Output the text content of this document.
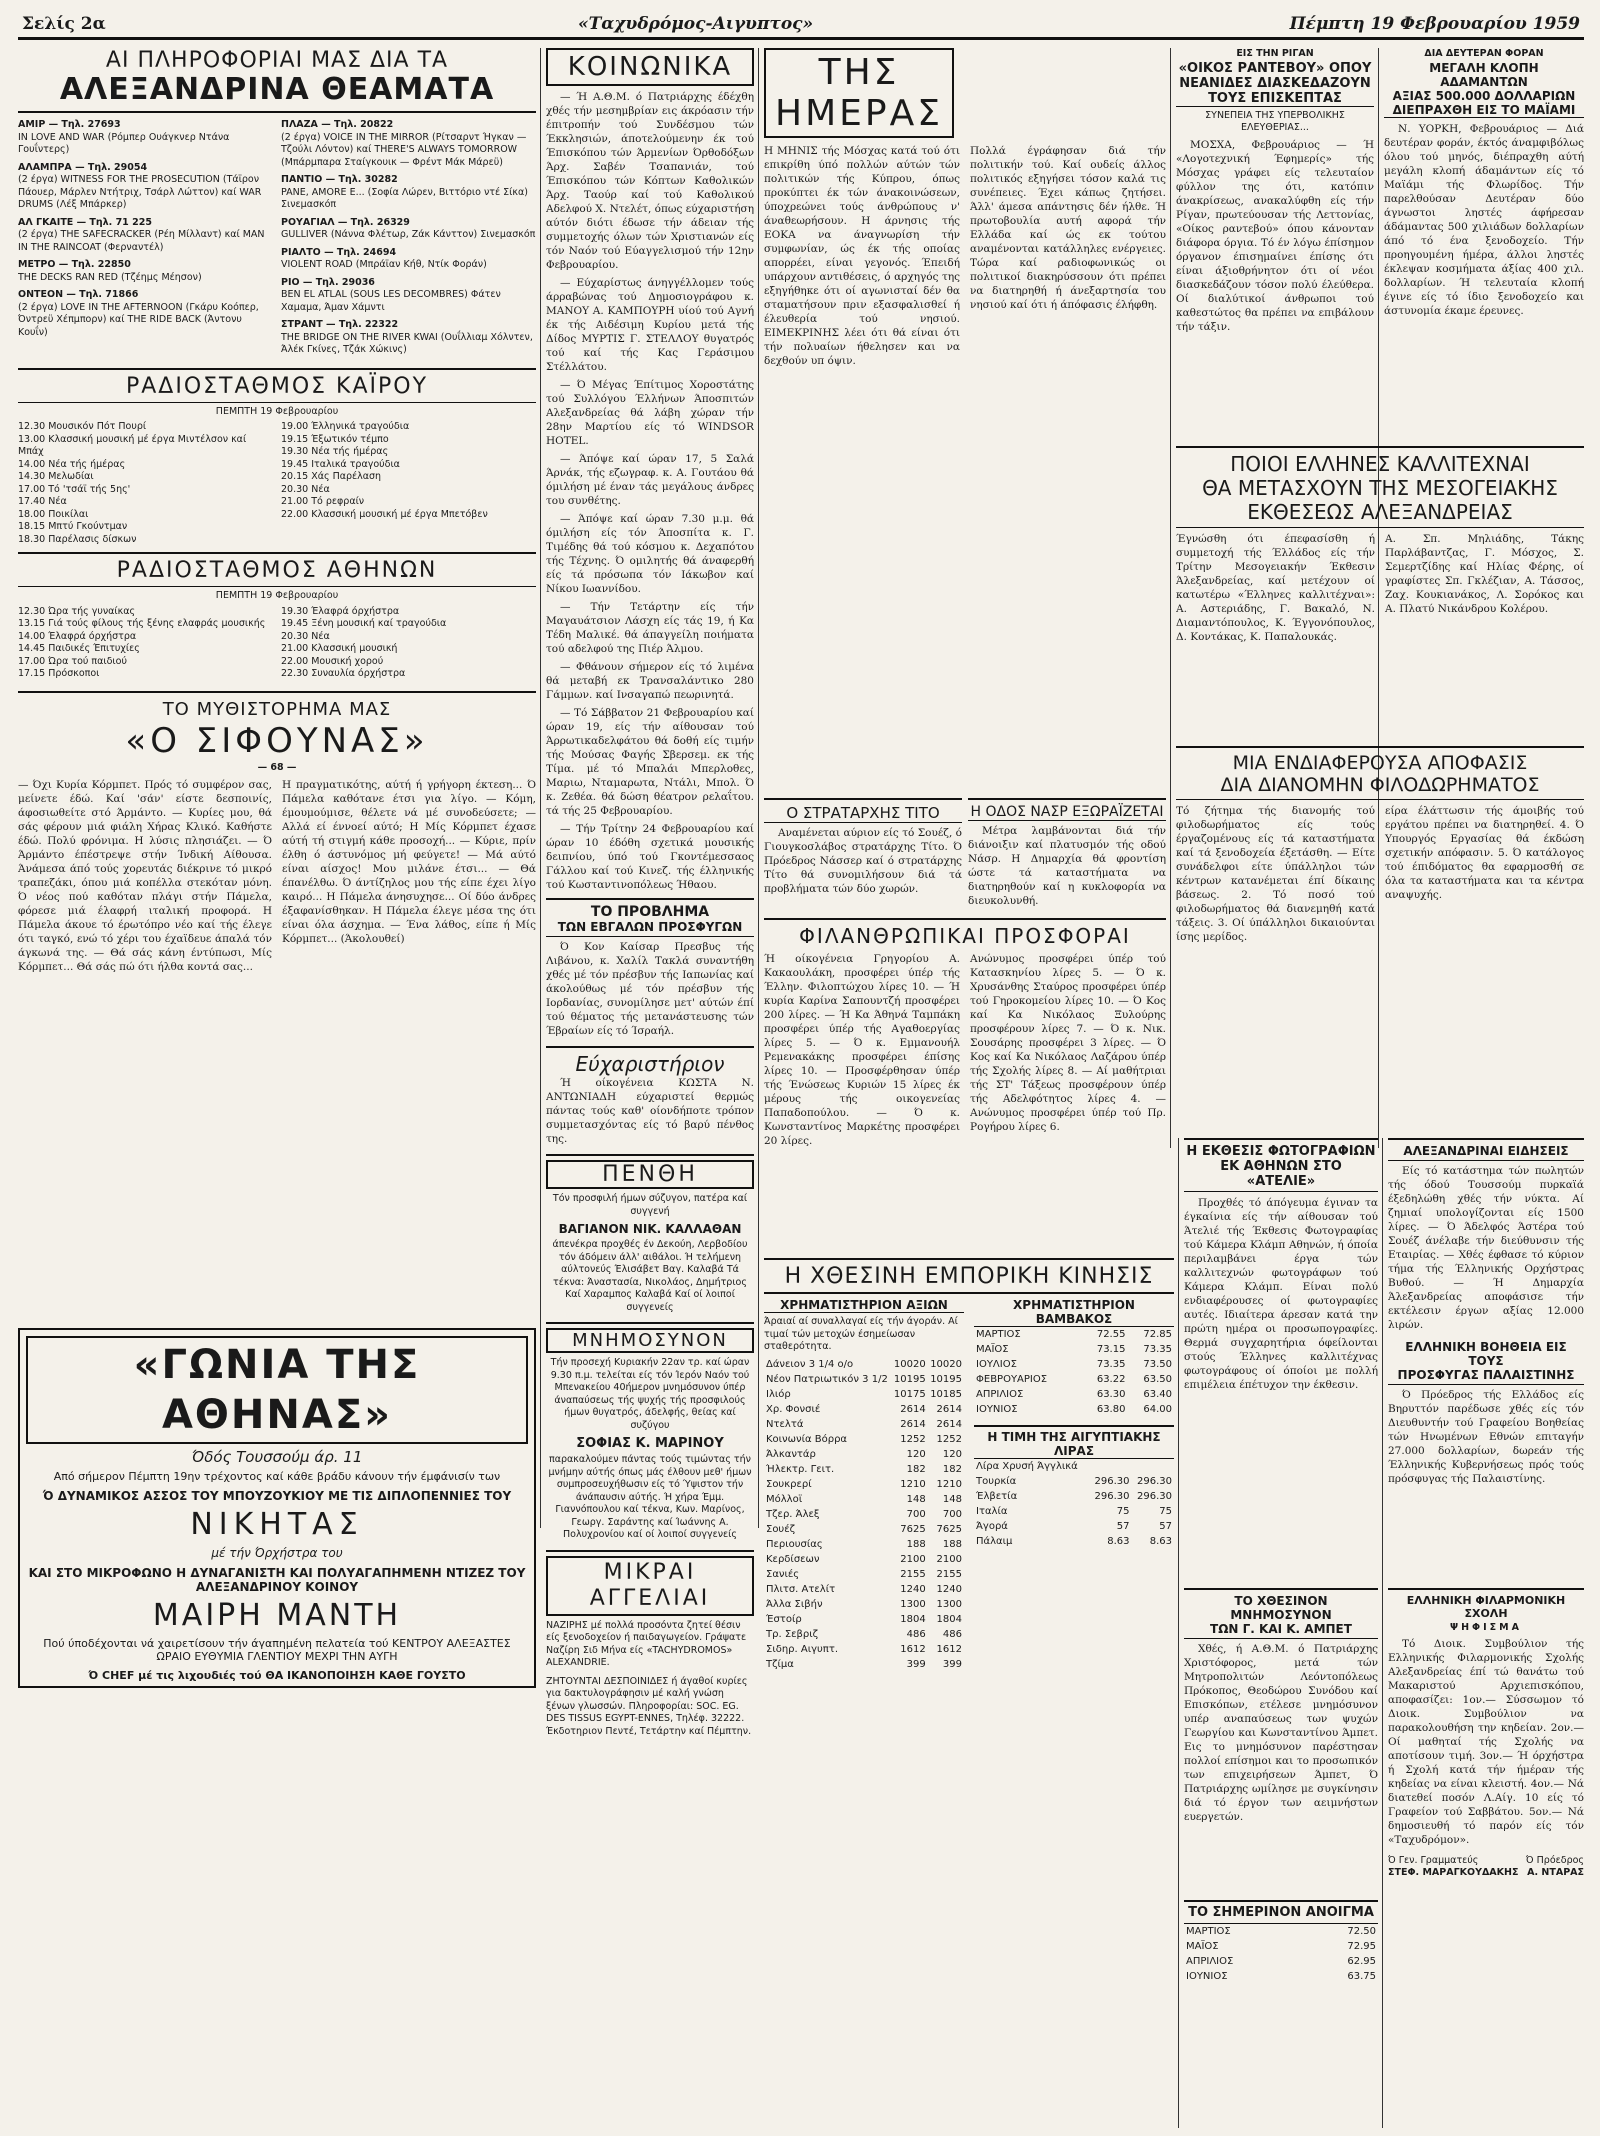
Σελίς 2α	«Ταχυδρόμος-Αιγυπτος»	Πέμπτη 19 Φεβρουαρίου 1959
ΑΙ ΠΛΗΡΟΦΟΡΙΑΙ ΜΑΣ ΔΙΑ ΤΑ
ΑΛΕΞΑΝΔΡΙΝΑ ΘΕΑΜΑΤΑ
ΑΜΙΡ — Τηλ. 27693
IN LOVE AND WAR (Ρόμπερ Ουάγκνερ Ντάνα Γουΐντερς)
ΑΛΑΜΠΡΑ — Τηλ. 29054
(2 έργα) WITNESS FOR THE PROSECUTION (Τάϊρον Πάουερ, Μάρλεν Ντήτριχ, Τσάρλ Λώττον) καί WAR DRUMS (Λέξ Μπάρκερ)
ΑΛ ΓΚΑΙΤΕ — Τηλ. 71 225
(2 έργα) THE SAFECRACKER (Ρέη Μίλλαντ) καί MAN IN THE RAINCOAT (Φερναντέλ)
ΜΕΤΡΟ — Τηλ. 22850
THE DECKS RAN RED (Τζέημς Μέησον)
ΟΝΤΕΟΝ — Τηλ. 71866
(2 έργα) LOVE IN THE AFTERNOON (Γκάρυ Κοόπερ, Όντρεϋ Χέπμπορν) καί THE RIDE BACK (Άντονυ Κουΐν)
ΠΛΑΖΑ — Τηλ. 20822
(2 έργα) VOICE IN THE MIRROR (Ρίτσαρντ Ήγκαν — Τζούλι Λόντον) καί THERE'S ALWAYS TOMORROW (Μπάρμπαρα Σταίγκουικ — Φρέντ Μάκ Μάρεϋ)
ΠΑΝΤΙΟ — Τηλ. 30282
PANE, AMORE E... (Σοφία Λώρεν, Βιττόριο ντέ Σίκα) Σινεμασκόπ
ΡΟΥΑΓΙΑΛ — Τηλ. 26329
GULLIVER (Νάννα Φλέτωρ, Ζάκ Κάνττον) Σινεμασκόπ
ΡΙΑΛΤΟ — Τηλ. 24694
VIOLENT ROAD (Μπράϊαν Κήθ, Ντίκ Φοράν)
ΡΙΟ — Τηλ. 29036
BEN EL ATLAL (SOUS LES DECOMBRES) Φάτεν Χαμαμα, Άμαν Χάμντι
ΣΤΡΑΝΤ — Τηλ. 22322
THE BRIDGE ON THE RIVER KWAI (Ουΐλλιαμ Χόλντεν, Άλέκ Γκίνες, Τζάκ Χώκινς)
ΡΑΔΙΟΣΤΑΘΜΟΣ ΚΑΪΡΟΥ
ΠΕΜΠΤΗ 19 Φεβρουαρίου
12.30 Μουσικόν Πότ Πουρί
13.00 Κλασσική μουσική μέ έργα Μιντέλσον καί Μπάχ
14.00 Νέα τής ήμέρας
14.30 Μελωδίαι
17.00 Τό 'τσάϊ τής 5ης'
17.40 Νέα
18.00 Ποικίλαι
18.15 Μπτύ Γκούντμαν
18.30 Παρέλασις δίσκων
19.00 Έλληνικά τραγούδια
19.15 Έξωτικόν τέμπο
19.30 Νέα τής ήμέρας
19.45 Ιταλικά τραγούδια
20.15 Χάς Παρέλαση
20.30 Νέα
21.00 Τό ρεφραίν
22.00 Κλασσική μουσική μέ έργα Μπετόβεν
ΡΑΔΙΟΣΤΑΘΜΟΣ ΑΘΗΝΩΝ
ΠΕΜΠΤΗ 19 Φεβρουαρίου
12.30 Ώρα τής γυναίκας
13.15 Γιά τούς φίλους τής ξένης ελαφράς μουσικής
14.00 Έλαφρά όρχήστρα
14.45 Παιδικές Έπιτυχίες
17.00 Ώρα τού παιδιού
17.15 Πρόσκοποι
19.30 Έλαφρά όρχήστρα
19.45 Ξένη μουσική καί τραγούδια
20.30 Νέα
21.00 Κλασσική μουσική
22.00 Μουσική χορού
22.30 Συναυλία όρχήστρα
ΤΟ ΜΥΘΙΣΤΟΡΗΜΑ ΜΑΣ
«Ο ΣΙΦΟΥΝΑΣ»
— 68 —
— Όχι Κυρία Κόρμπετ. Πρός τό συμφέρον σας, μείνετε έδώ. Καί 'σάν' είστε δεσποινίς, άφοσιωθείτε στό Άρμάντο. — Κυρίες μου, θά σάς φέρουν μιά φιάλη Χήρας Κλικό. Καθήστε έδώ. Πολύ φρόνιμα. Η λύσις πλησιάζει. — Ό Άρμάντο έπέστρεψε στήν Ίνδική Αίθουσα. Άνάμεσα άπό τούς χορευτάς διέκρινε τό μικρό τραπεζάκι, όπου μιά κοπέλλα στεκόταν μόνη. Ό νέος πού καθόταν πλάγι στήν Πάμελα, φόρεσε μιά έλαφρή ιταλική προφορά. Η Πάμελα άκουε τό έρωτόπρο νέο καί τής έλεγε ότι ταγκό, ενώ τό χέρι του έχαϊδευε άπαλά τόν άγκωνά της. — Θά σάς κάνη έντύπωσι, Μίς Κόρμπετ... Θά σάς πώ ότι ήλθα κοντά σας...
Η πραγματικότης, αύτή ή γρήγορη έκτεση... Ό Πάμελα καθότανε έτσι για λίγο. — Κόμη, έμουμούμισε, θέλετε νά μέ συνοδεύσετε; — Αλλά εί έννοεί αύτό; Η Μίς Κόρμπετ έχασε αύτή τή στιγμή κάθε προσοχή... — Κύριε, πρίν έλθη ό άστυνόμος μή φεύγετε! — Μά αύτό είναι αίσχος! Μου μιλάνε έτσι... — Θά έπανέλθω. Ό άντίζηλος μου τής είπε έχει λίγο καιρό... Η Πάμελα άνησυχησε... Οί δύο άνδρες έξαφανίσθηκαν. Η Πάμελα έλεγε μέσα της ότι είναι όλα άσχημα. — Ένα λάθος, είπε ή Μίς Κόρμπετ... (Άκολουθεί)
«ΓΩΝΙΑ ΤΗΣ ΑΘΗΝΑΣ»
Όδός Τουσσούμ άρ. 11
Από σήμερον Πέμπτη 19ην τρέχοντος καί κάθε βράδυ κάνουν τήν έμφάνισίν των
Ό ΔΥΝΑΜΙΚΟΣ ΑΣΣΟΣ ΤΟΥ ΜΠΟΥΖΟΥΚΙΟΥ ΜΕ ΤΙΣ ΔΙΠΛΟΠΕΝΝΙΕΣ ΤΟΥ
ΝΙΚΗΤΑΣ
μέ τήν Όρχήστρα του
ΚΑΙ ΣΤΟ ΜΙΚΡΟΦΩΝΟ Η ΔΥΝΑΓΑΝΙΣΤΗ ΚΑΙ ΠΟΛΥΑΓΑΠΗΜΕΝΗ ΝΤΙΖΕΖ ΤΟΥ ΑΛΕΞΑΝΔΡΙΝΟΥ ΚΟΙΝΟΥ
ΜΑΙΡΗ ΜΑΝΤΗ
Πού ύποδέχονται νά χαιρετίσουν τήν άγαπημένη πελατεία τού ΚΕΝΤΡΟΥ ΑΛΕΞΑΣΤΕΣ ΩΡΑΙΟ ΕΥΘΥΜΙΑ ΓΛΕΝΤΙΟΥ ΜΕΧΡΙ ΤΗΝ ΑΥΓΗ
Ό CHEF μέ τις λιχουδιές τού ΘΑ ΙΚΑΝΟΠΟΙΗΣΗ ΚΑΘΕ ΓΟΥΣΤΟ
ΚΟΙΝΩΝΙΚΑ
— Ή Α.Θ.Μ. ό Πατριάρχης έδέχθη χθές τήν μεσημβρίαν εις άκρόασιν τήν έπιτροπήν τού Συνδέσμου τών Έκκλησιών, άποτελούμενην έκ τού Έπισκόπου τών Άρμενίων Όρθοδόξων Άρχ. Σαβέν Τσαπανιάν, τού Έπισκόπου τών Κόπτων Καθολικών Άρχ. Ταούρ καί τού Καθολικού Αδελφού Χ. Ντελέτ, όπως εύχαριστήση αύτόν διότι έδωσε τήν άδειαν τής συμμετοχής όλων τών Χριστιανών είς τόν Ναόν τού Εύαγγελισμού τήν 12ην Φεβρουαρίου.
— Εύχαρίστως άνηγγέλλομεν τούς άρραβώνας τού Δημοσιογράφου κ. ΜΑΝΟΥ Α. ΚΑΜΠΟΥΡΗ υίού τού Αγνή έκ τής Αιδέσιμη Κυρίου μετά τής Δίδος ΜΥΡΤΙΣ Γ. ΣΤΕΛΛΟΥ θυγατρός τού καί τής Κας Γεράσιμου Στέλλάτου.
— Ό Μέγας Έπίτιμος Χοροστάτης τού Συλλόγου Έλλήνων Άποσπιτών Αλεξανδρείας θά λάβη χώραν τήν 28ην Μαρτίου είς τό WINDSOR HOTEL.
— Άπόψε καί ώραν 17, 5 Σαλά Άρνάκ, τής εζωγραφ. κ. Α. Γουτάου θά όμιλήση μέ έναν τάς μεγάλους άνδρες του συνθέτης.
— Άπόψε καί ώραν 7.30 μ.μ. θά όμιλήση είς τόν Άποσπίτα κ. Γ. Τιμέδης θά τού κόσμου κ. Δεχαπότου τής Τέχνης. Ό ομιλητής θά άναφερθή είς τά πρόσωπα τόν Ιάκωβον καί Νίκου Ιωαννίδου.
— Τήν Τετάρτην είς τήν Μαγαυάτσιον Λάσχη είς τάς 19, ή Κα Τέδη Μαλικέ. θά άπαγγείλη ποιήματα τού αδελφού της Πιέρ Άλμου.
— Φθάνουν σήμερον είς τό λιμένα θά μεταβή εκ Τρανσαλάντικο 280 Γάμμων. καί Ινσαγαπώ πεωρινητά.
— Τό Σάββατον 21 Φεβρουαρίου καί ώραν 19, είς τήν αίθουσαν τού Άρρωτικαδελφάτου θά δοθή είς τιμήν τής Μούσας Φαγής Σβερσεμ. εκ τής Τίμα. μέ τό Μπαλάι Μπερλοθες, Μαριω, Νταμαρωτα, Ντάλι, Μπολ. Ό κ. Ζεθέα. θά δώση θέατρον ρελαΐτου. τά τής 25 Φεβρουαρίου.
— Τήν Τρίτην 24 Φεβρουαρίου καί ώραν 10 έδόθη σχετικά μουσικής δειπνίου, ύπό τού Γκοντέμεσσαος Γάλλου καί τού Κινεζ. τής έλληνικής τού Κωσταντινοπόλεως Ήθαου.
ΤΟ ΠΡΟΒΛΗΜΑ
ΤΩΝ ΕΒΓΑΛΩΝ ΠΡΟΣΦΥΓΩΝ
Ό Κον Καίσαρ Πρεσβυς τής Λιβάνου, κ. Χαλίλ Τακλά συναντήθη χθές μέ τόν πρέσβυν τής Ιαπωνίας καί άκολούθως μέ τόν πρέσβυν τής Ιορδανίας, συνομίλησε μετ' αύτών έπί τού θέματος τής μετανάστευσης τών Έβραίων είς τό Ίσραήλ.
Εύχαριστήριον
Ή οίκογένεια ΚΩΣΤΑ Ν. ΑΝΤΩΝΙΑΔΗ εύχαριστεί θερμώς πάντας τούς καθ' οίονδήποτε τρόπον συμμετασχόντας είς τό βαρύ πένθος της.
ΠΕΝΘΗ
Τόν προσφιλή ήμων σύζυγον, πατέρα καί συγγενή
ΒΑΓΙΑΝΟΝ ΝΙΚ. ΚΑΛΛΑΘΑΝ
άπενέκρα προχθές έν Δεκούη, Λερβοδίου τόν άδόμειν άλλ' αιθάλοι. Ή τελήμενη αύλτονεύς Έλισάβετ Βαγ. Καλαβά Τά τέκνα: Άναστασία, Νικολάος, Δημήτριος Καί Χαραμπος Καλαβά Καί οί λοιποί συγγενείς
ΜΝΗΜΟΣΥΝΟΝ
Τήν προσεχή Κυριακήν 22αν τρ. καί ώραν 9.30 π.μ. τελείται είς τόν Ίερόν Ναόν τού Μπενακείου 40ήμερον μνημόσυνον ύπέρ άναπαύσεως τής ψυχής τής προσφιλούς ήμων θυγατρός, άδελφής, θείας καί συζύγου
ΣΟΦΙΑΣ Κ. ΜΑΡΙΝΟΥ
παρακαλούμεν πάντας τούς τιμώντας τήν μνήμην αύτής όπως μάς έλθουν μεθ' ήμων συμπροσευχήθωσιν είς τό Ύψιστον τήν άνάπαυσιν αύτής. Ή χήρα Έμμ. Γιαννόπουλου καί τέκνα, Κων. Μαρίνος, Γεωργ. Σαράντης καί Ίωάννης Α. Πολυχρονίου καί οί λοιποί συγγενείς
ΜΙΚΡΑΙ
ΑΓΓΕΛΙΑΙ
ΝΑΖΙΡΗΣ μέ πολλά προσόντα ζητεί θέσιν είς ξενοδοχείον ή παιδαγωγείον. Γράψατε Ναζίρη Σιδ Μήνα είς «TACHYDROMOS» ALEXANDRIE.
ΖΗΤΟΥΝΤΑΙ ΔΕΣΠΟΙΝΙΔΕΣ ή άγαθοί κυρίες για δακτυλογράφησιν μέ καλή γνώση ξένων γλωσσών. Πληροφορίαι: SOC. EG. DES TISSUS EGYPT-ENNES, Τηλέφ. 32222. Έκδοτηριον Πεντέ, Τετάρτην καί Πέμπτην.
ΤΗΣ ΗΜΕΡΑΣ
Η ΜΗΝΙΣ τής Μόσχας κατά τού ότι επικρίθη ύπό πολλών αύτών τών πολιτικών τής Κύπρου, όπως προκύπτει έκ τών άνακοινώσεων, ύποχρεώνει τούς άνθρώπους ν' άναθεωρήσουν. Η άρνησις τής ΕΟΚΑ να άναγνωρίση τήν συμφωνίαν, ώς έκ τής οποίας απορρέει, είναι γεγονός. Έπειδή υπάρχουν αντιθέσεις, ό αρχηγός της εξηγήθηκε ότι οί αγωνισταί δέν θα σταματήσουν πριν εξασφαλισθεί ή έλευθερία τού νησιού. ΕΙΜΕΚΡΙΝΗΣ λέει ότι θά είναι ότι τήν πολυαίων ήθελησεν και να δεχθούν υπ όψιν.
Πολλά έγράφησαν διά τήν πολιτικήν τού. Καί ουδείς άλλος πολιτικός εξηγήσει τόσον καλά τις συνέπειες. Έχει κάπως ζητήσει. Άλλ' άμεσα απάντησις δέν ήλθε. Ή πρωτοβουλία αυτή αφορά τήν Ελλάδα καί ώς εκ τούτου αναμένονται κατάλληλες ενέργειες. Τώρα καί ραδιοφωνικώς οι πολιτικοί διακηρύσσουν ότι πρέπει να διατηρηθή ή άνεξαρτησία του νησιού καί ότι ή άπόφασις έλήφθη.
Ο ΣΤΡΑΤΑΡΧΗΣ ΤΙΤΟ
Αναμένεται αύριον είς τό Σουέζ, ό Γιουγκοσλάβος στρατάρχης Τίτο. Ό Πρόεδρος Νάσσερ καί ό στρατάρχης Τίτο θά συνομιλήσουν διά τά προβλήματα τών δύο χωρών.
Η ΟΔΟΣ ΝΑΣΡ ΕΞΩΡΑΪΖΕΤΑΙ
Μέτρα λαμβάνονται διά τήν διάνοιξιν καί πλατυσμόν τής οδού Νάσρ. Η Δημαρχία θά φροντίση ώστε τά καταστήματα να διατηρηθούν καί η κυκλοφορία να διευκολυνθή.
ΦΙΛΑΝΘΡΩΠΙΚΑΙ ΠΡΟΣΦΟΡΑΙ
Ή οίκογένεια Γρηγορίου Α. Κακαουλάκη, προσφέρει ύπέρ τής Έλλην. Φιλοπτώχου λίρες 10. — Ή κυρία Καρίνα Σαπουντζή προσφέρει 200 λίρες. — Ή Κα Άθηνά Ταμπάκη προσφέρει ύπέρ τής Αγαθοεργίας λίρες 5. — Ό κ. Εμμανουήλ Ρεμενακάκης προσφέρει έπίσης λίρες 10. — Προσφέρθησαν ύπέρ τής Ένώσεως Κυριών 15 λίρες έκ μέρους τής οικογενείας Παπαδοπούλου. — Ό κ. Κωνσταντίνος Μαρκέτης προσφέρει 20 λίρες.
Ανώνυμος προσφέρει ύπέρ τού Κατασκηνίου λίρες 5. — Ό κ. Χρυσάνθης Σταύρος προσφέρει ύπέρ τού Γηροκομείου λίρες 10. — Ό Κος καί Κα Νικόλαος Ξυλούρης προσφέρουν λίρες 7. — Ό κ. Νικ. Σουσάρης προσφέρει 3 λίρες. — Ό Κος καί Κα Νικόλαος Λαζάρου ύπέρ τής Σχολής λίρες 8. — Αί μαθήτριαι τής ΣΤ' Τάξεως προσφέρουν ύπέρ τής Αδελφότητος λίρες 4. — Ανώνυμος προσφέρει ύπέρ τού Πρ. Ρογήρου λίρες 6.
Η ΧΘΕΣΙΝΗ ΕΜΠΟΡΙΚΗ ΚΙΝΗΣΙΣ
ΧΡΗΜΑΤΙΣΤΗΡΙΟΝ ΑΞΙΩΝ
Άραιαί αί συναλλαγαί είς τήν άγοράν. Αί τιμαί τών μετοχών έσημείωσαν σταθερότητα.
Δάνειον 3 1/4 ο/ο	10020	10020
Νέον Πατριωτικόν 3 1/2	10195	10195
Ιλιόρ	10175	10185
Χρ. Φονσιέ	2614	2614
Ντελτά	2614	2614
Κοινωνία Βόρρα	1252	1252
Άλκαντάρ	120	120
Ήλεκτρ. Γειτ.	182	182
Σουκρερί	1210	1210
Μόλλοϊ	148	148
Τζερ. Άλεξ	700	700
Σουέζ	7625	7625
Περιουσίας	188	188
Κερδίσεων	2100	2100
Σανιές	2155	2155
Πλιτσ. Ατελίτ	1240	1240
Άλλα Σιβήν	1300	1300
Έστοίρ	1804	1804
Τρ. Σεβριζ	486	486
Σιδηρ. Αιγυπτ.	1612	1612
Τζίμα	399	399
ΧΡΗΜΑΤΙΣΤΗΡΙΟΝ ΒΑΜΒΑΚΟΣ
ΜΑΡΤΙΟΣ	72.55	72.85
ΜΑΪΟΣ	73.15	73.35
ΙΟΥΛΙΟΣ	73.35	73.50
ΦΕΒΡΟΥΑΡΙΟΣ	63.22	63.50
ΑΠΡΙΛΙΟΣ	63.30	63.40
ΙΟΥΝΙΟΣ	63.80	64.00
Η ΤΙΜΗ ΤΗΣ ΑΙΓΥΠΤΙΑΚΗΣ ΛΙΡΑΣ
Λίρα Χρυσή Άγγλικά		
Τουρκία	296.30	296.30
Έλβετία	296.30	296.30
Ιταλία	75	75
Άγορά	57	57
Πάλαιμ	8.63	8.63
ΕΙΣ ΤΗΝ ΡΙΓΑΝ
«ΟΙΚΟΣ ΡΑΝΤΕΒΟΥ» ΟΠΟΥ
ΝΕΑΝΙΔΕΣ ΔΙΑΣΚΕΔΑΖΟΥΝ
ΤΟΥΣ ΕΠΙΣΚΕΠΤΑΣ
ΣΥΝΕΠΕΙΑ ΤΗΣ ΥΠΕΡΒΟΛΙΚΗΣ ΕΛΕΥΘΕΡΙΑΣ...
ΜΟΣΧΑ, Φεβρουάριος — Ή «Λογοτεχνική Έφημερίς» τής Μόσχας γράφει είς τελευταίον φύλλον της ότι, κατόπιν άνακρίσεως, ανακαλύφθη είς τήν Ρίγαν, πρωτεύουσαν τής Λεττονίας, «Οίκος ραντεβού» όπου κάνονταν διάφορα όργια. Τό έν λόγω έπίσημον όργανον έπισημαίνει έπίσης ότι είναι άξιοθρήνητον ότι οί νέοι διασκεδάζουν τόσον πολύ έλεύθερα. Οί διαλύτικοί άνθρωποι τού καθεστώτος θα πρέπει να επιβάλουν τήν τάξιν.
ΔΙΑ ΔΕΥΤΕΡΑΝ ΦΟΡΑΝ
ΜΕΓΑΛΗ ΚΛΟΠΗ ΑΔΑΜΑΝΤΩΝ
ΑΞΙΑΣ 500.000 ΔΟΛΛΑΡΙΩΝ
ΔΙΕΠΡΑΧΘΗ ΕΙΣ ΤΟ ΜΑΪΑΜΙ
Ν. ΥΟΡΚΗ, Φεβρουάριος — Διά δευτέραν φοράν, έκτός άναμφιβόλως όλου τού μηνός, διέπραχθη αύτή μεγάλη κλοπή άδαμάντων είς τό Μαϊάμι τής Φλωρίδος. Τήν παρελθούσαν Δευτέραν δύο άγνωστοι ληστές άφήρεσαν άδάμαντας 500 χιλιάδων δολλαρίων άπό τό ένα ξενοδοχείο. Τήν προηγουμένη ήμέρα, άλλοι ληστές έκλεψαν κοσμήματα άξίας 400 χιλ. δολλαρίων. Ή τελευταία κλοπή έγινε είς τό ίδιο ξενοδοχείο και άστυνομία έκαμε έρευνες.
ΠΟΙΟΙ ΕΛΛΗΝΕΣ ΚΑΛΛΙΤΕΧΝΑΙ
ΘΑ ΜΕΤΑΣΧΟΥΝ ΤΗΣ ΜΕΣΟΓΕΙΑΚΗΣ
ΕΚΘΕΣΕΩΣ ΑΛΕΞΑΝΔΡΕΙΑΣ
Έγνώσθη ότι έπεφασίσθη ή συμμετοχή τής Έλλάδος είς τήν Τρίτην Μεσογειακήν Έκθεσιν Άλεξανδρείας, καί μετέχουν οί κατωτέρω «Έλληνες καλλιτέχναι»: Α. Αστεριάδης, Γ. Βακαλό, Ν. Διαμαντόπουλος, Κ. Έγγονόπουλος, Δ. Κοντάκας, Κ. Παπαλουκάς.
Α. Σπ. Μηλιάδης, Τάκης Παρλάβαντζας, Γ. Μόσχος, Σ. Σεμερτζίδης καί Ηλίας Φέρης, οί γραφίστες Σπ. Γκλέζιαν, Α. Τάσσος, Ζαχ. Κουκιανάκος, Λ. Σορόκος και Α. Πλατύ Νικάνδρου Κολέρου.
ΜΙΑ ΕΝΔΙΑΦΕΡΟΥΣΑ ΑΠΟΦΑΣΙΣ
ΔΙΑ ΔΙΑΝΟΜΗΝ ΦΙΛΟΔΩΡΗΜΑΤΟΣ
Τό ζήτημα τής διανομής τού φιλοδωρήματος είς τούς έργαζομένους είς τά καταστήματα καί τά ξενοδοχεία έξετάσθη. — Είτε συνάδελφοι είτε ύπάλληλοι τών κέντρων κατανέμεται έπί δίκαιης βάσεως. 2. Τό ποσό τού φιλοδωρήματος θά διανεμηθή κατά τάξεις. 3. Οί ύπάλληλοι δικαιούνται ίσης μερίδος.
είρα έλάττωσιν τής άμοιβής τού εργάτου πρέπει να διατηρηθεί. 4. Ό Υπουργός Εργασίας θά έκδώση σχετικήν απόφασιν. 5. Ό κατάλογος τού έπιδόματος θα εφαρμοσθή σε όλα τα καταστήματα και τα κέντρα αναψυχής.
Η ΕΚΘΕΣΙΣ ΦΩΤΟΓΡΑΦΙΩΝ
ΕΚ ΑΘΗΝΩΝ ΣΤΟ «ΑΤΕΛΙΕ»
Προχθές τό άπόγευμα έγιναν τα έγκαίνια είς τήν αίθουσαν τού Άτελιέ τής Έκθεσις Φωτογραφίας τού Κάμερα Κλάμπ Αθηνών, ή όποία περιλαμβάνει έργα τών καλλιτεχνών φωτογράφων τού Κάμερα Κλάμπ. Είναι πολύ ενδιαφέρουσες οί φωτογραφίες αυτές. Ιδιαίτερα άρεσαν κατά την πρώτη ημέρα οι προσωπογραφίες. Θερμά συγχαρητήρια όφείλονται στούς Έλληνες καλλιτέχνας φωτογράφους οί όποίοι με πολλή επιμέλεια έπέτυχον την έκθεσιν.
ΑΛΕΞΑΝΔΡΙΝΑΙ ΕΙΔΗΣΕΙΣ
Είς τό κατάστημα τών πωλητών τής όδού Τουσσούμ πυρκαϊά έξεδηλώθη χθές τήν νύκτα. Αί ζημιαί υπολογίζονται είς 1500 λίρες. — Ό Άδελφός Άστέρα τού Σουέζ άνέλαβε τήν διεύθυνσιν τής Εταιρίας. — Χθές έφθασε τό κύριον τήμα τής Έλληνικής Ορχήστρας Βυθού. — Ή Δημαρχία Άλεξανδρείας αποφάσισε τήν εκτέλεσιν έργων αξίας 12.000 λιρών.
ΕΛΛΗΝΙΚΗ ΒΟΗΘΕΙΑ ΕΙΣ ΤΟΥΣ
ΠΡΟΣΦΥΓΑΣ ΠΑΛΑΙΣΤΙΝΗΣ
Ό Πρόεδρος τής Ελλάδος είς Βηρυττόν παρέδωσε χθές είς τόν Διευθυντήν τού Γραφείου Βοηθείας τών Ηνωμένων Εθνών επιταγήν 27.000 δολλαρίων, δωρεάν τής Έλληνικής Κυβερνήσεως πρός τούς πρόσφυγας τής Παλαιστίνης.
ΤΟ ΧΘΕΣΙΝΟΝ ΜΝΗΜΟΣΥΝΟΝ
ΤΩΝ Γ. ΚΑΙ Κ. ΑΜΠΕΤ
Χθές, ή Α.Θ.Μ. ό Πατριάρχης Χριστόφορος, μετά τών Μητροπολιτών Λεόντοπόλεως Πρόκοπος, Θεοδώρου Συνόδου καί Επισκόπων, ετέλεσε μνημόσυνον υπέρ αναπαύσεως των ψυχών Γεωργίου και Κωνσταντίνου Άμπετ. Εις το μνημόσυνον παρέστησαν πολλοί επίσημοι και το προσωπικόν των επιχειρήσεων Άμπετ, Ό Πατριάρχης ωμίλησε με συγκίνησιν διά τό έργον των αειμνήστων ευεργετών.
ΤΟ ΣΗΜΕΡΙΝΟΝ ΑΝΟΙΓΜΑ
ΜΑΡΤΙΟΣ	72.50
ΜΑΪΟΣ	72.95
ΑΠΡΙΛΙΟΣ	62.95
ΙΟΥΝΙΟΣ	63.75
ΕΛΛΗΝΙΚΗ ΦΙΛΑΡΜΟΝΙΚΗ ΣΧΟΛΗ
ΨΗΦΙΣΜΑ
Τό Διοικ. Συμβούλιον τής Ελληνικής Φιλαρμονικής Σχολής Αλεξανδρείας έπί τώ θανάτω τού Μακαριστού Αρχιεπισκόπου, αποφασίζει: 1ον.— Σύσσωμον τό Διοικ. Συμβούλιον να παρακολουθήση την κηδείαν. 2ον.— Οί μαθηταί τής Σχολής να αποτίσουν τιμή. 3ον.— Ή όρχήστρα ή Σχολή κατά τήν ήμέραν τής κηδείας να είναι κλειστή. 4ον.— Νά διατεθεί ποσόν Λ.Αίγ. 10 είς τό Γραφείον τού Σαββάτου. 5ον.— Νά δημοσιευθή τό παρόν είς τόν «Ταχυδρόμον».
Ό Γεν. Γραμματεύς
ΣΤΕΦ. ΜΑΡΑΓΚΟΥΔΑΚΗΣ
Ό Πρόεδρος
Α. ΝΤΑΡΑΣ
